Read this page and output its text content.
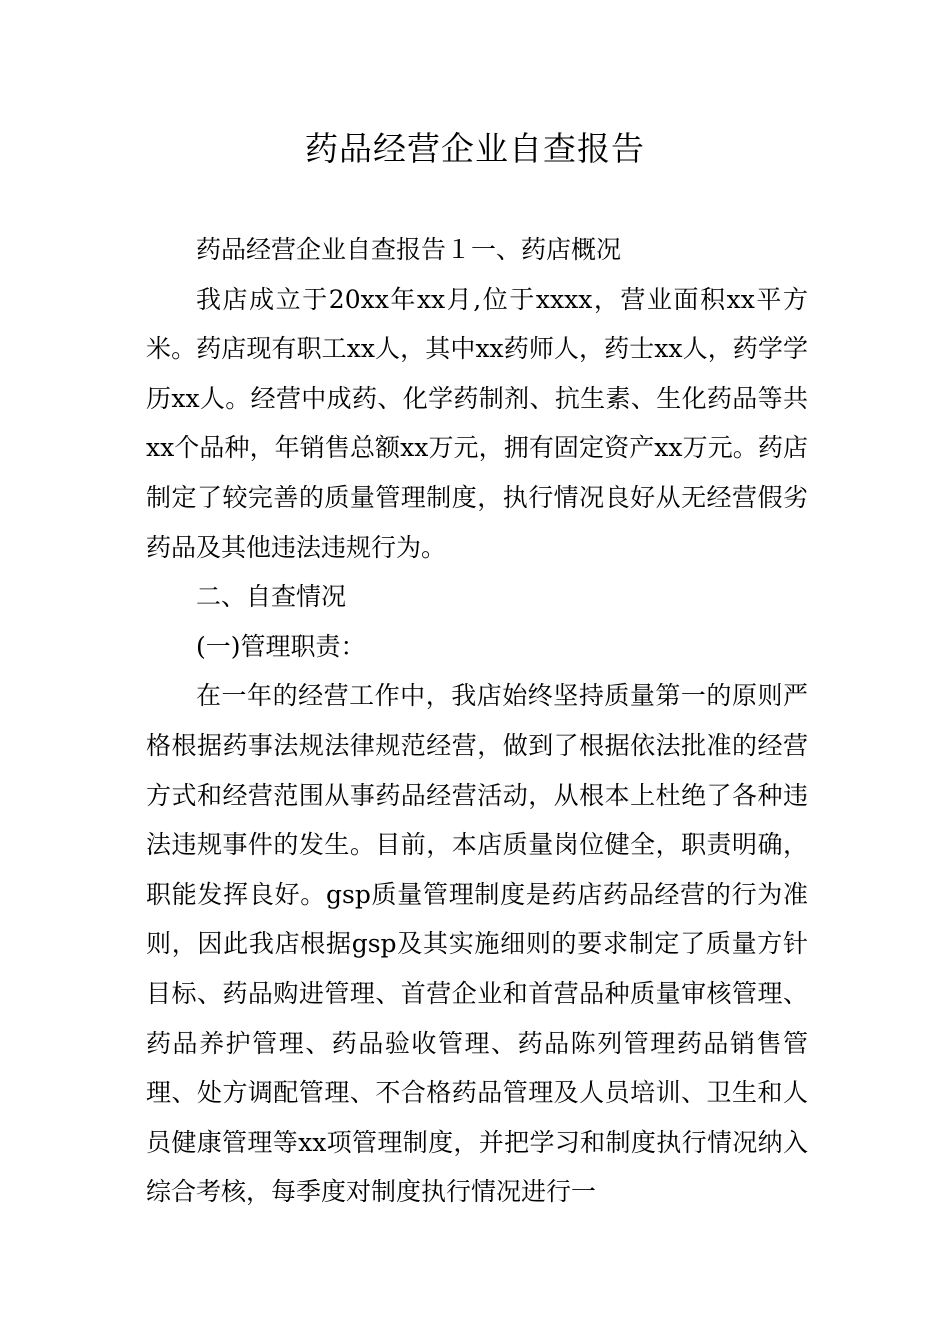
药品经营企业自查报告

药品经营企业自查报告１一、药店概况

我店成立于20xx年xx月,位于xxxx，营业面积xx平方米。药店现有职工xx人，其中xx药师人，药士xx人，药学学历xx人。经营中成药、化学药制剂、抗生素、生化药品等共xx个品种，年销售总额xx万元，拥有固定资产xx万元。药店制定了较完善的质量管理制度，执行情况良好从无经营假劣药品及其他违法违规行为。

二、自查情况

(一)管理职责：

在一年的经营工作中，我店始终坚持质量第一的原则严格根据药事法规法律规范经营，做到了根据依法批准的经营方式和经营范围从事药品经营活动，从根本上杜绝了各种违法违规事件的发生。目前，本店质量岗位健全，职责明确，职能发挥良好。gsp质量管理制度是药店药品经营的行为准则，因此我店根据gsp及其实施细则的要求制定了质量方针目标、药品购进管理、首营企业和首营品种质量审核管理、药品养护管理、药品验收管理、药品陈列管理药品销售管理、处方调配管理、不合格药品管理及人员培训、卫生和人员健康管理等xx项管理制度，并把学习和制度执行情况纳入综合考核，每季度对制度执行情况进行一
